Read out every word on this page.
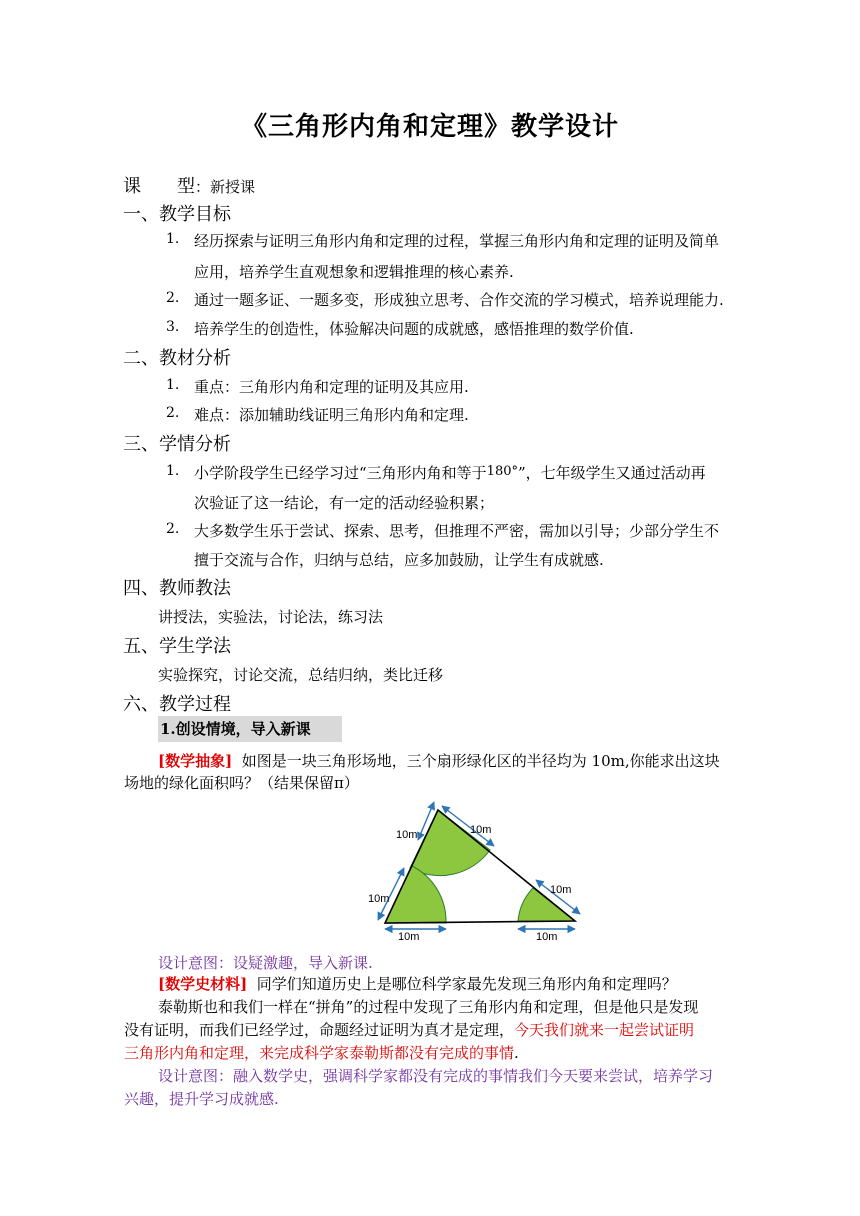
《三角形内角和定理》教学设计
课　　型：新授课
一、教学目标
1. 经历探索与证明三角形内角和定理的过程，掌握三角形内角和定理的证明及简单
应用，培养学生直观想象和逻辑推理的核心素养.
2. 通过一题多证、一题多变，形成独立思考、合作交流的学习模式，培养说理能力.
3. 培养学生的创造性，体验解决问题的成就感，感悟推理的数学价值.
二、教材分析
1. 重点：三角形内角和定理的证明及其应用.
2. 难点：添加辅助线证明三角形内角和定理.
三、学情分析
1. 小学阶段学生已经学习过“三角形内角和等于180°”，七年级学生又通过活动再
次验证了这一结论，有一定的活动经验积累；
2. 大多数学生乐于尝试、探索、思考，但推理不严密，需加以引导；少部分学生不
擅于交流与合作，归纳与总结，应多加鼓励，让学生有成就感.
四、教师教法
讲授法，实验法，讨论法，练习法
五、学生学法
实验探究，讨论交流，总结归纳，类比迁移
六、教学过程
1.创设情境，导入新课
[数学抽象] 如图是一块三角形场地，三个扇形绿化区的半径均为 10m,你能求出这块
场地的绿化面积吗？（结果保留π）
10m	10m
10m
10m
10m	10m
设计意图：设疑激趣，导入新课.
[数学史材料] 同学们知道历史上是哪位科学家最先发现三角形内角和定理吗？
泰勒斯也和我们一样在“拼角”的过程中发现了三角形内角和定理，但是他只是发现
没有证明，而我们已经学过，命题经过证明为真才是定理，今天我们就来一起尝试证明
三角形内角和定理，来完成科学家泰勒斯都没有完成的事情.
设计意图：融入数学史，强调科学家都没有完成的事情我们今天要来尝试，培养学习
兴趣，提升学习成就感.
